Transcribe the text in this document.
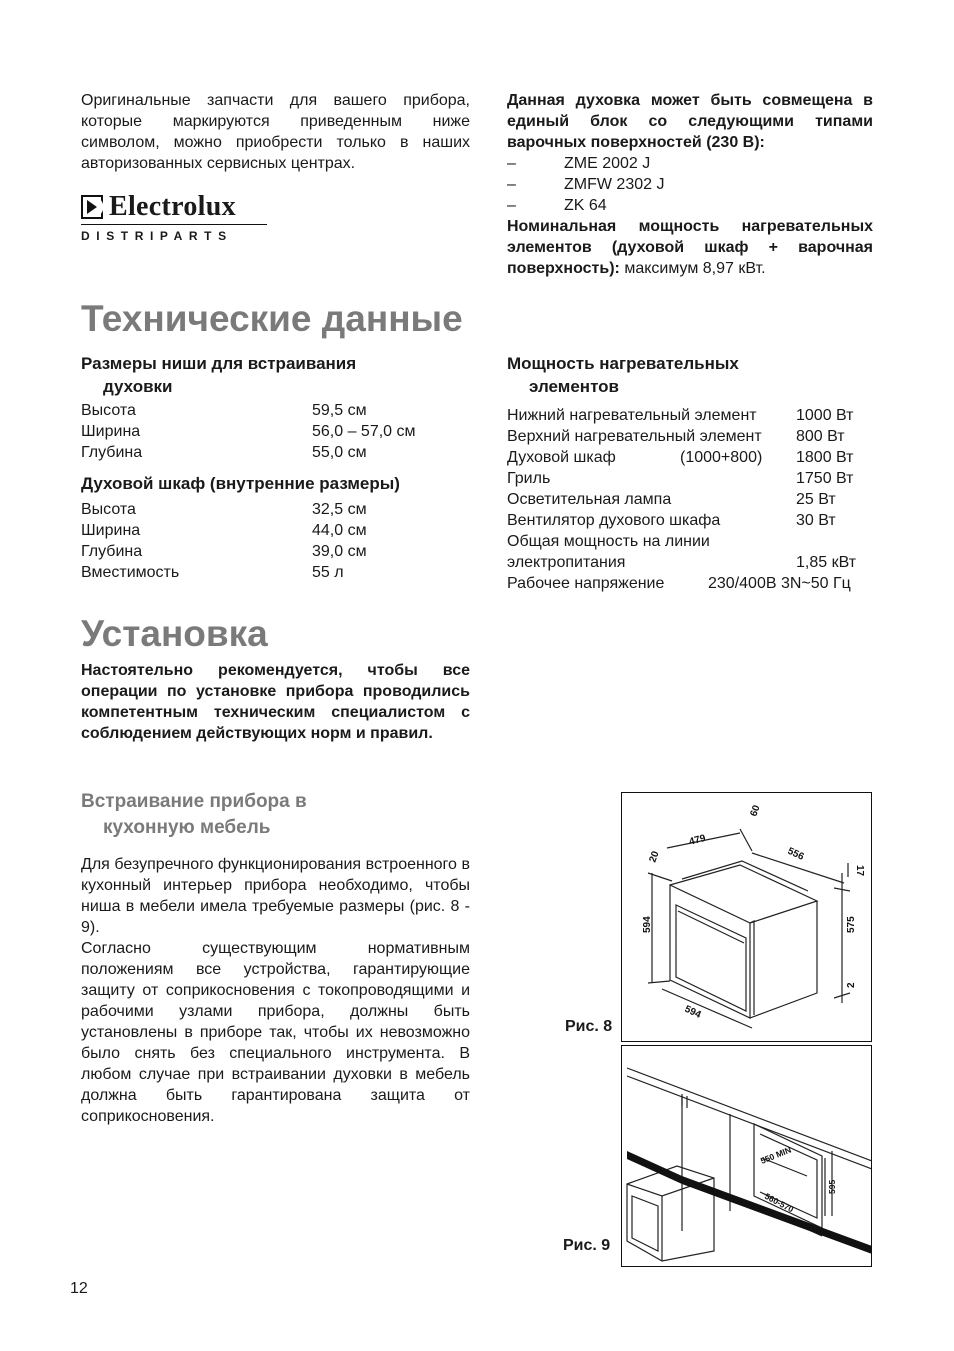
Оригинальные запчасти для вашего прибора, которые маркируются приведенным ниже символом, можно приобрести только в наших авторизованных сервисных центрах.

Electrolux
DISTRIPARTS
Технические данные

Размеры ниши для встраивания

духовки

Высота	59,5 см
Ширина	56,0 – 57,0 см
Глубина	55,0 см

Духовой шкаф (внутренние размеры)

Высота	32,5 см
Ширина	44,0 см
Глубина	39,0 см
Вместимость	55 л
Установка

Настоятельно рекомендуется, чтобы все операции по установке прибора проводились компетентным техническим специалистом с соблюдением действующих норм и правил.

Встраивание прибора в

кухонную мебель

Для безупречного функционирования встроенного в кухонный интерьер прибора необходимо, чтобы ниша в мебели имела требуемые размеры (рис. 8 - 9).

Согласно существующим нормативным положениям все устройства, гарантирующие защиту от соприкосновения с токопроводящими и рабочими узлами прибора, должны быть установлены в приборе так, чтобы их невозможно было снять без специального инструмента. В любом случае при встраивании духовки в мебель должна быть гарантирована защита от соприкосновения.

Данная духовка может быть совмещена в единый блок со следующими типами варочных поверхностей (230 В):

–	ZME 2002 J
–	ZMFW 2302 J
–	ZK 64

Номинальная мощность нагревательных элементов (духовой шкаф + варочная поверхность): максимум 8,97 кВт.

Мощность нагревательных

элементов

Нижний нагревательный элемент 1000 Вт
Верхний нагревательный элемент 800 Вт
Духовой шкаф	(1000+800) 1800 Вт
Гриль	1750 Вт
Осветительная лампа	25 Вт
Вентилятор духового шкафа	30 Вт
Общая мощность на линии
электропитания	1,85 кВт
Рабочее напряжение	230/400В 3N~50 Гц
Рис. 8
60
479
20	556
17
594	575
2
594
Рис. 9
550 MIN
595
560-570
12
